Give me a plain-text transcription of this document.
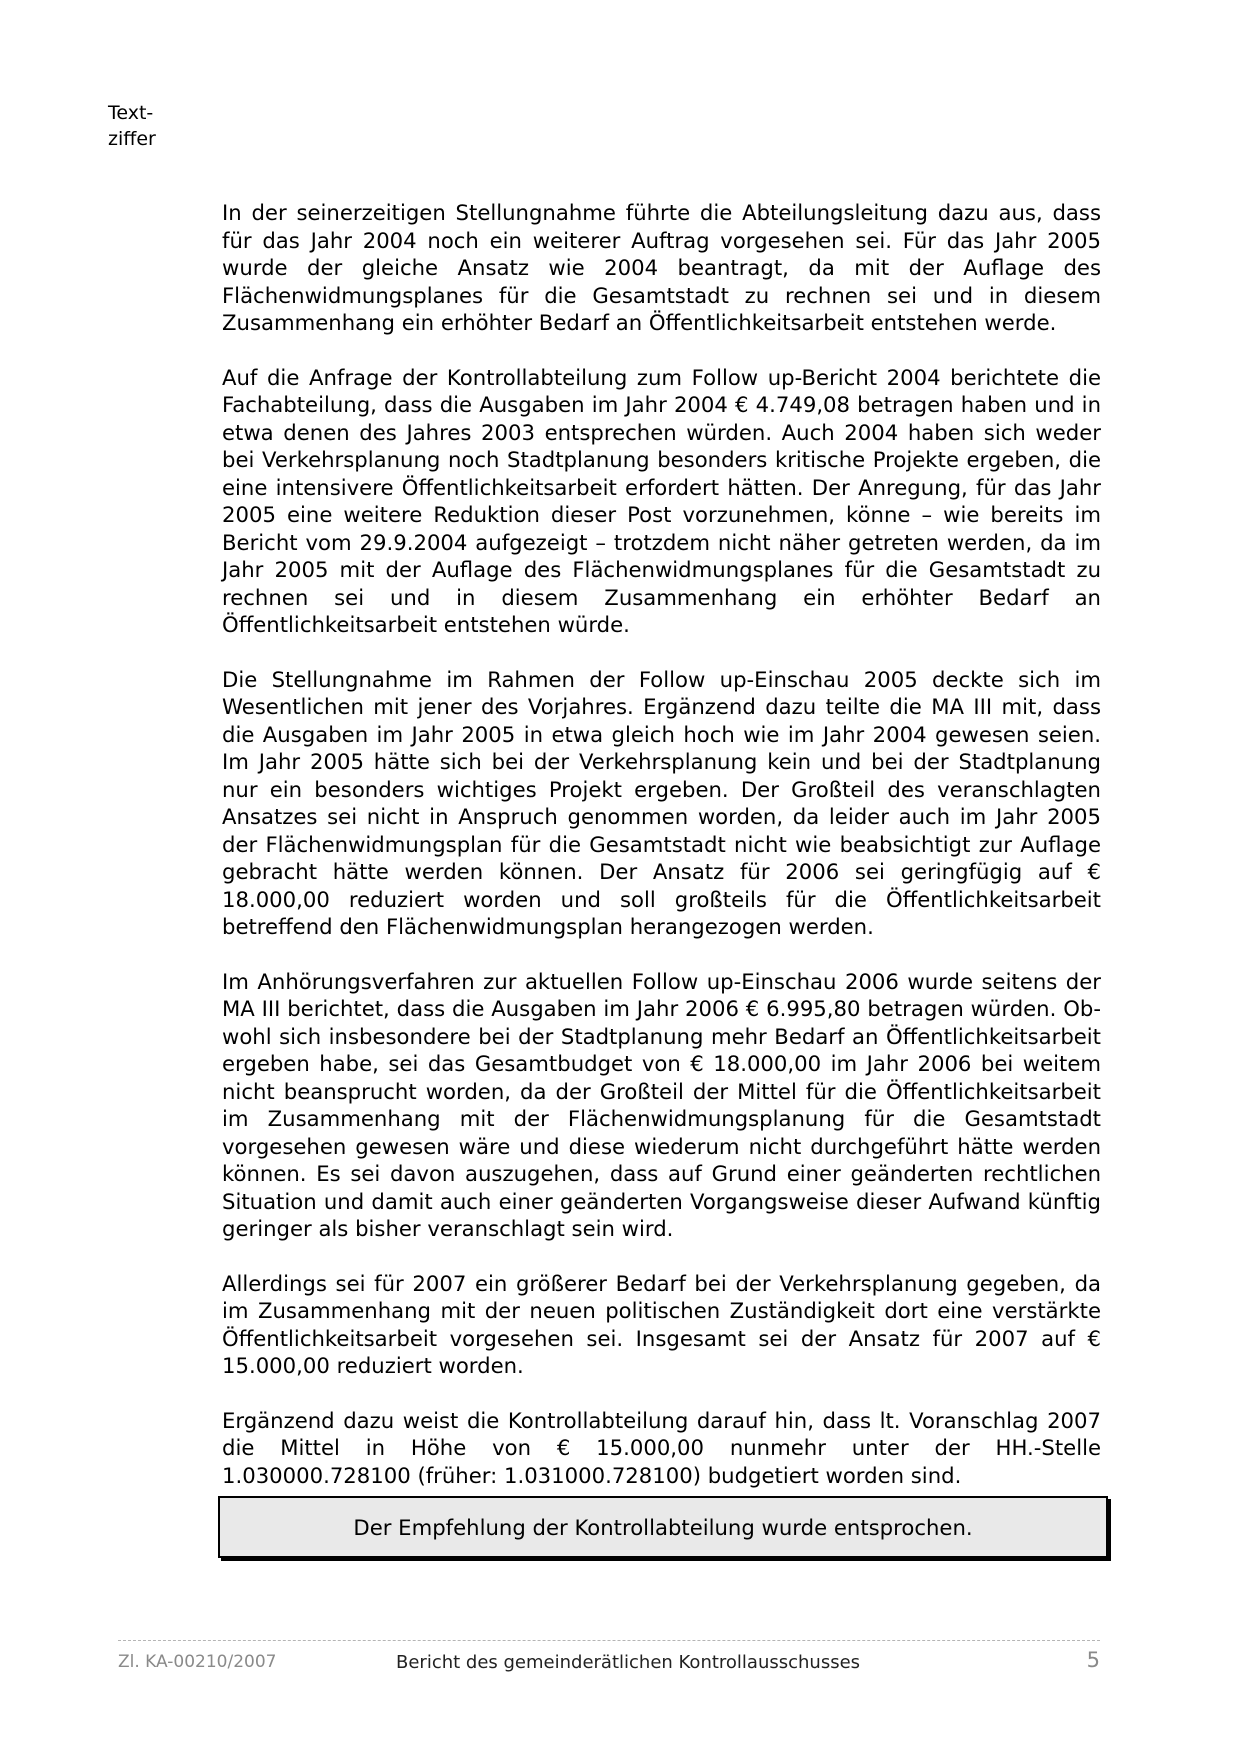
Text-
ziffer

In der seinerzeitigen Stellungnahme führte die Abteilungsleitung dazu aus, dass für das Jahr 2004 noch ein weiterer Auftrag vorgesehen sei. Für das Jahr 2005 wurde der gleiche Ansatz wie 2004 beantragt, da mit der Auflage des Flächenwidmungsplanes für die Gesamtstadt zu rechnen sei und in diesem Zusammenhang ein erhöhter Bedarf an Öffentlichkeitsarbeit entstehen werde.

Auf die Anfrage der Kontrollabteilung zum Follow up-Bericht 2004 berichtete die Fachabteilung, dass die Ausgaben im Jahr 2004 € 4.749,08 betragen haben und in etwa denen des Jahres 2003 entsprechen würden. Auch 2004 haben sich weder bei Verkehrsplanung noch Stadtplanung besonders kritische Projekte ergeben, die eine intensivere Öffentlichkeitsarbeit erfordert hätten. Der Anregung, für das Jahr 2005 eine weitere Reduktion dieser Post vorzunehmen, könne – wie bereits im Bericht vom 29.9.2004 aufgezeigt – trotzdem nicht näher getreten werden, da im Jahr 2005 mit der Auflage des Flächenwidmungsplanes für die Gesamtstadt zu rechnen sei und in diesem Zusammenhang ein erhöhter Bedarf an Öffentlichkeitsarbeit entstehen würde.

Die Stellungnahme im Rahmen der Follow up-Einschau 2005 deckte sich im Wesentlichen mit jener des Vorjahres. Ergänzend dazu teilte die MA III mit, dass die Ausgaben im Jahr 2005 in etwa gleich hoch wie im Jahr 2004 gewesen seien. Im Jahr 2005 hätte sich bei der Verkehrsplanung kein und bei der Stadtplanung nur ein besonders wichtiges Projekt ergeben. Der Großteil des veranschlagten Ansatzes sei nicht in Anspruch genommen worden, da leider auch im Jahr 2005 der Flächenwidmungsplan für die Gesamtstadt nicht wie beabsichtigt zur Auflage gebracht hätte werden können. Der Ansatz für 2006 sei geringfügig auf € 18.000,00 reduziert worden und soll großteils für die Öffentlichkeitsarbeit betreffend den Flächenwidmungsplan herangezogen werden.

Im Anhörungsverfahren zur aktuellen Follow up-Einschau 2006 wurde seitens der MA III berichtet, dass die Ausgaben im Jahr 2006 € 6.995,80 betragen würden. Obwohl sich insbesondere bei der Stadtplanung mehr Bedarf an Öffentlichkeitsarbeit ergeben habe, sei das Gesamtbudget von € 18.000,00 im Jahr 2006 bei weitem nicht beansprucht worden, da der Großteil der Mittel für die Öffentlichkeitsarbeit im Zusammenhang mit der Flächenwidmungsplanung für die Gesamtstadt vorgesehen gewesen wäre und diese wiederum nicht durchgeführt hätte werden können. Es sei davon auszugehen, dass auf Grund einer geänderten rechtlichen Situation und damit auch einer geänderten Vorgangsweise dieser Aufwand künftig geringer als bisher veranschlagt sein wird.

Allerdings sei für 2007 ein größerer Bedarf bei der Verkehrsplanung gegeben, da im Zusammenhang mit der neuen politischen Zuständigkeit dort eine verstärkte Öffentlichkeitsarbeit vorgesehen sei. Insgesamt sei der Ansatz für 2007 auf € 15.000,00 reduziert worden.

Ergänzend dazu weist die Kontrollabteilung darauf hin, dass lt. Voranschlag 2007 die Mittel in Höhe von € 15.000,00 nunmehr unter der HH.-Stelle 1.030000.728100 (früher: 1.031000.728100) budgetiert worden sind.

Der Empfehlung der Kontrollabteilung wurde entsprochen.
Zl. KA-00210/2007	Bericht des gemeinderätlichen Kontrollausschusses	5
